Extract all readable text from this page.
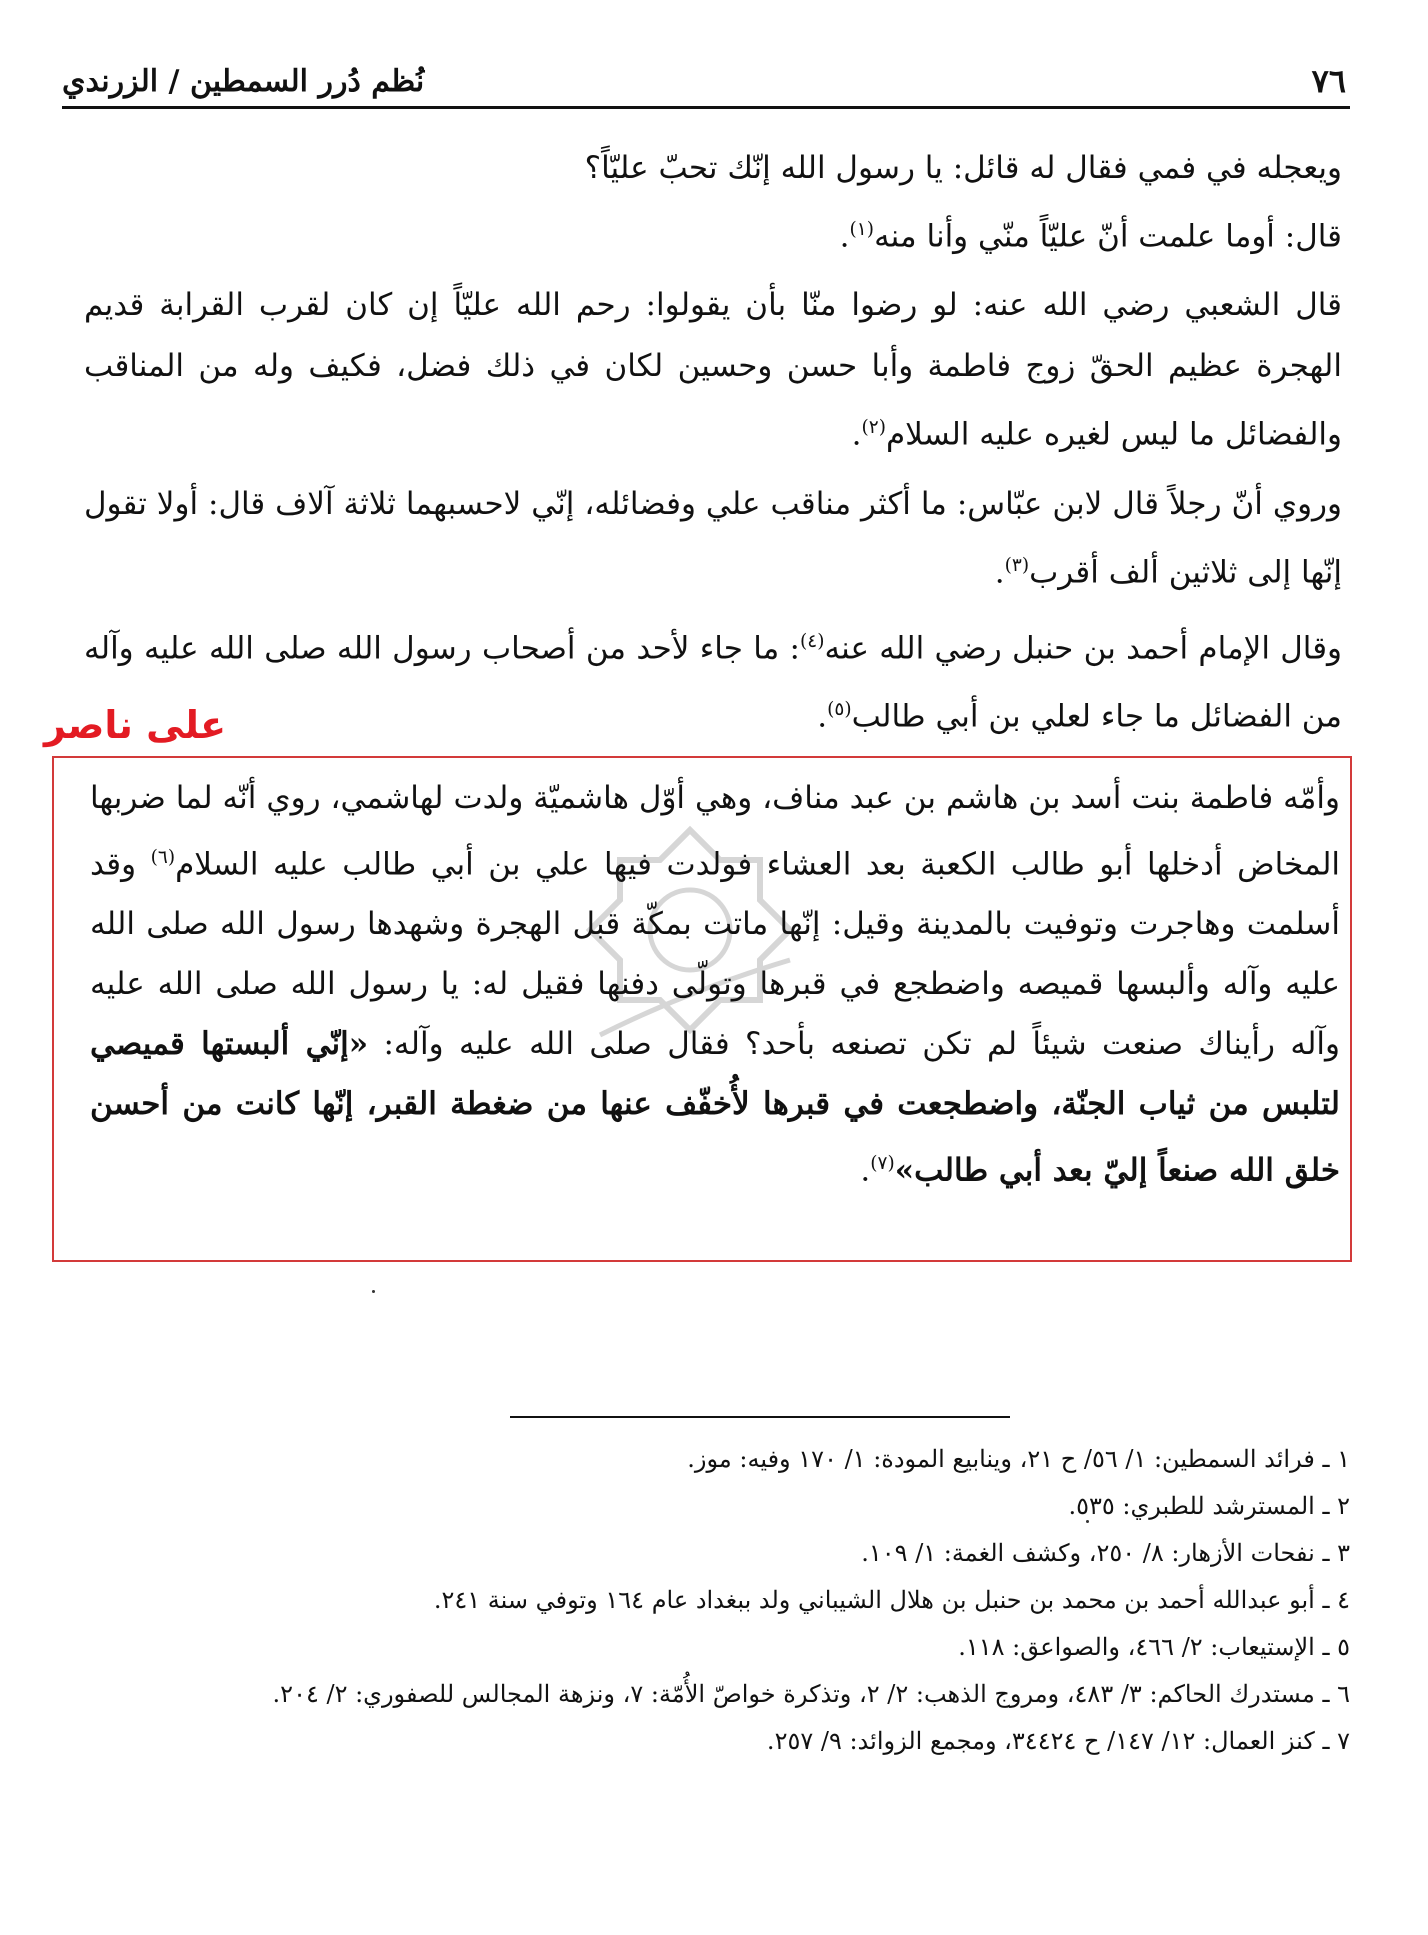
نُظم دُرر السمطين / الزرندي	٧٦

ويعجله في فمي فقال له قائل: يا رسول الله إنّك تحبّ عليّاً؟
قال: أوما علمت أنّ عليّاً منّي وأنا منه$^{(١)}$.

قال الشعبي رضي الله عنه: لو رضوا منّا بأن يقولوا: رحم الله عليّاً إن كان لقرب القرابة قديم الهجرة عظيم الحقّ زوج فاطمة وأبا حسن وحسين لكان في ذلك فضل، فكيف وله من المناقب والفضائل ما ليس لغيره عليه السلام$^{(٢)}$.

وروي أنّ رجلاً قال لابن عبّاس: ما أكثر مناقب علي وفضائله، إنّي لاحسبهما ثلاثة آلاف قال: أولا تقول إنّها إلى ثلاثين ألف أقرب$^{(٣)}$.

وقال الإمام أحمد بن حنبل رضي الله عنه$^{(٤)}$: ما جاء لأحد من أصحاب رسول الله صلى الله عليه وآله من الفضائل ما جاء لعلي بن أبي طالب$^{(٥)}$.

على ناصر
وأمّه فاطمة بنت أسد بن هاشم بن عبد مناف، وهي أوّل هاشميّة ولدت لهاشمي، روي أنّه لما ضربها المخاض أدخلها أبو طالب الكعبة بعد العشاء فولدت فيها علي بن أبي طالب عليه السلام$^{(٦)}$ وقد أسلمت وهاجرت وتوفيت بالمدينة وقيل: إنّها ماتت بمكّة قبل الهجرة وشهدها رسول الله صلى الله عليه وآله وألبسها قميصه واضطجع في قبرها وتولّى دفنها فقيل له: يا رسول الله صلى الله عليه وآله رأيناك صنعت شيئاً لم تكن تصنعه بأحد؟ فقال صلى الله عليه وآله: «إنّي ألبستها قميصي لتلبس من ثياب الجنّة، واضطجعت في قبرها لأُخفّف عنها من ضغطة القبر، إنّها كانت من أحسن خلق الله صنعاً إليّ بعد أبي طالب»$^{(٧)}$.

١ ـ فرائد السمطين: ١/ ٥٦/ ح ٢١، وينابيع المودة: ١/ ١٧٠ وفيه: موز.

٢ ـ المسترشد للطبري: ٥٣٥.

٣ ـ نفحات الأزهار: ٨/ ٢٥٠، وكشف الغمة: ١/ ١٠٩.

٤ ـ أبو عبدالله أحمد بن محمد بن حنبل بن هلال الشيباني ولد ببغداد عام ١٦٤ وتوفي سنة ٢٤١.

٥ ـ الإستيعاب: ٢/ ٤٦٦، والصواعق: ١١٨.

٦ ـ مستدرك الحاكم: ٣/ ٤٨٣، ومروج الذهب: ٢/ ٢، وتذكرة خواصّ الأُمّة: ٧، ونزهة المجالس للصفوري: ٢/ ٢٠٤.

٧ ـ كنز العمال: ١٢/ ١٤٧/ ح ٣٤٤٢٤، ومجمع الزوائد: ٩/ ٢٥٧.
